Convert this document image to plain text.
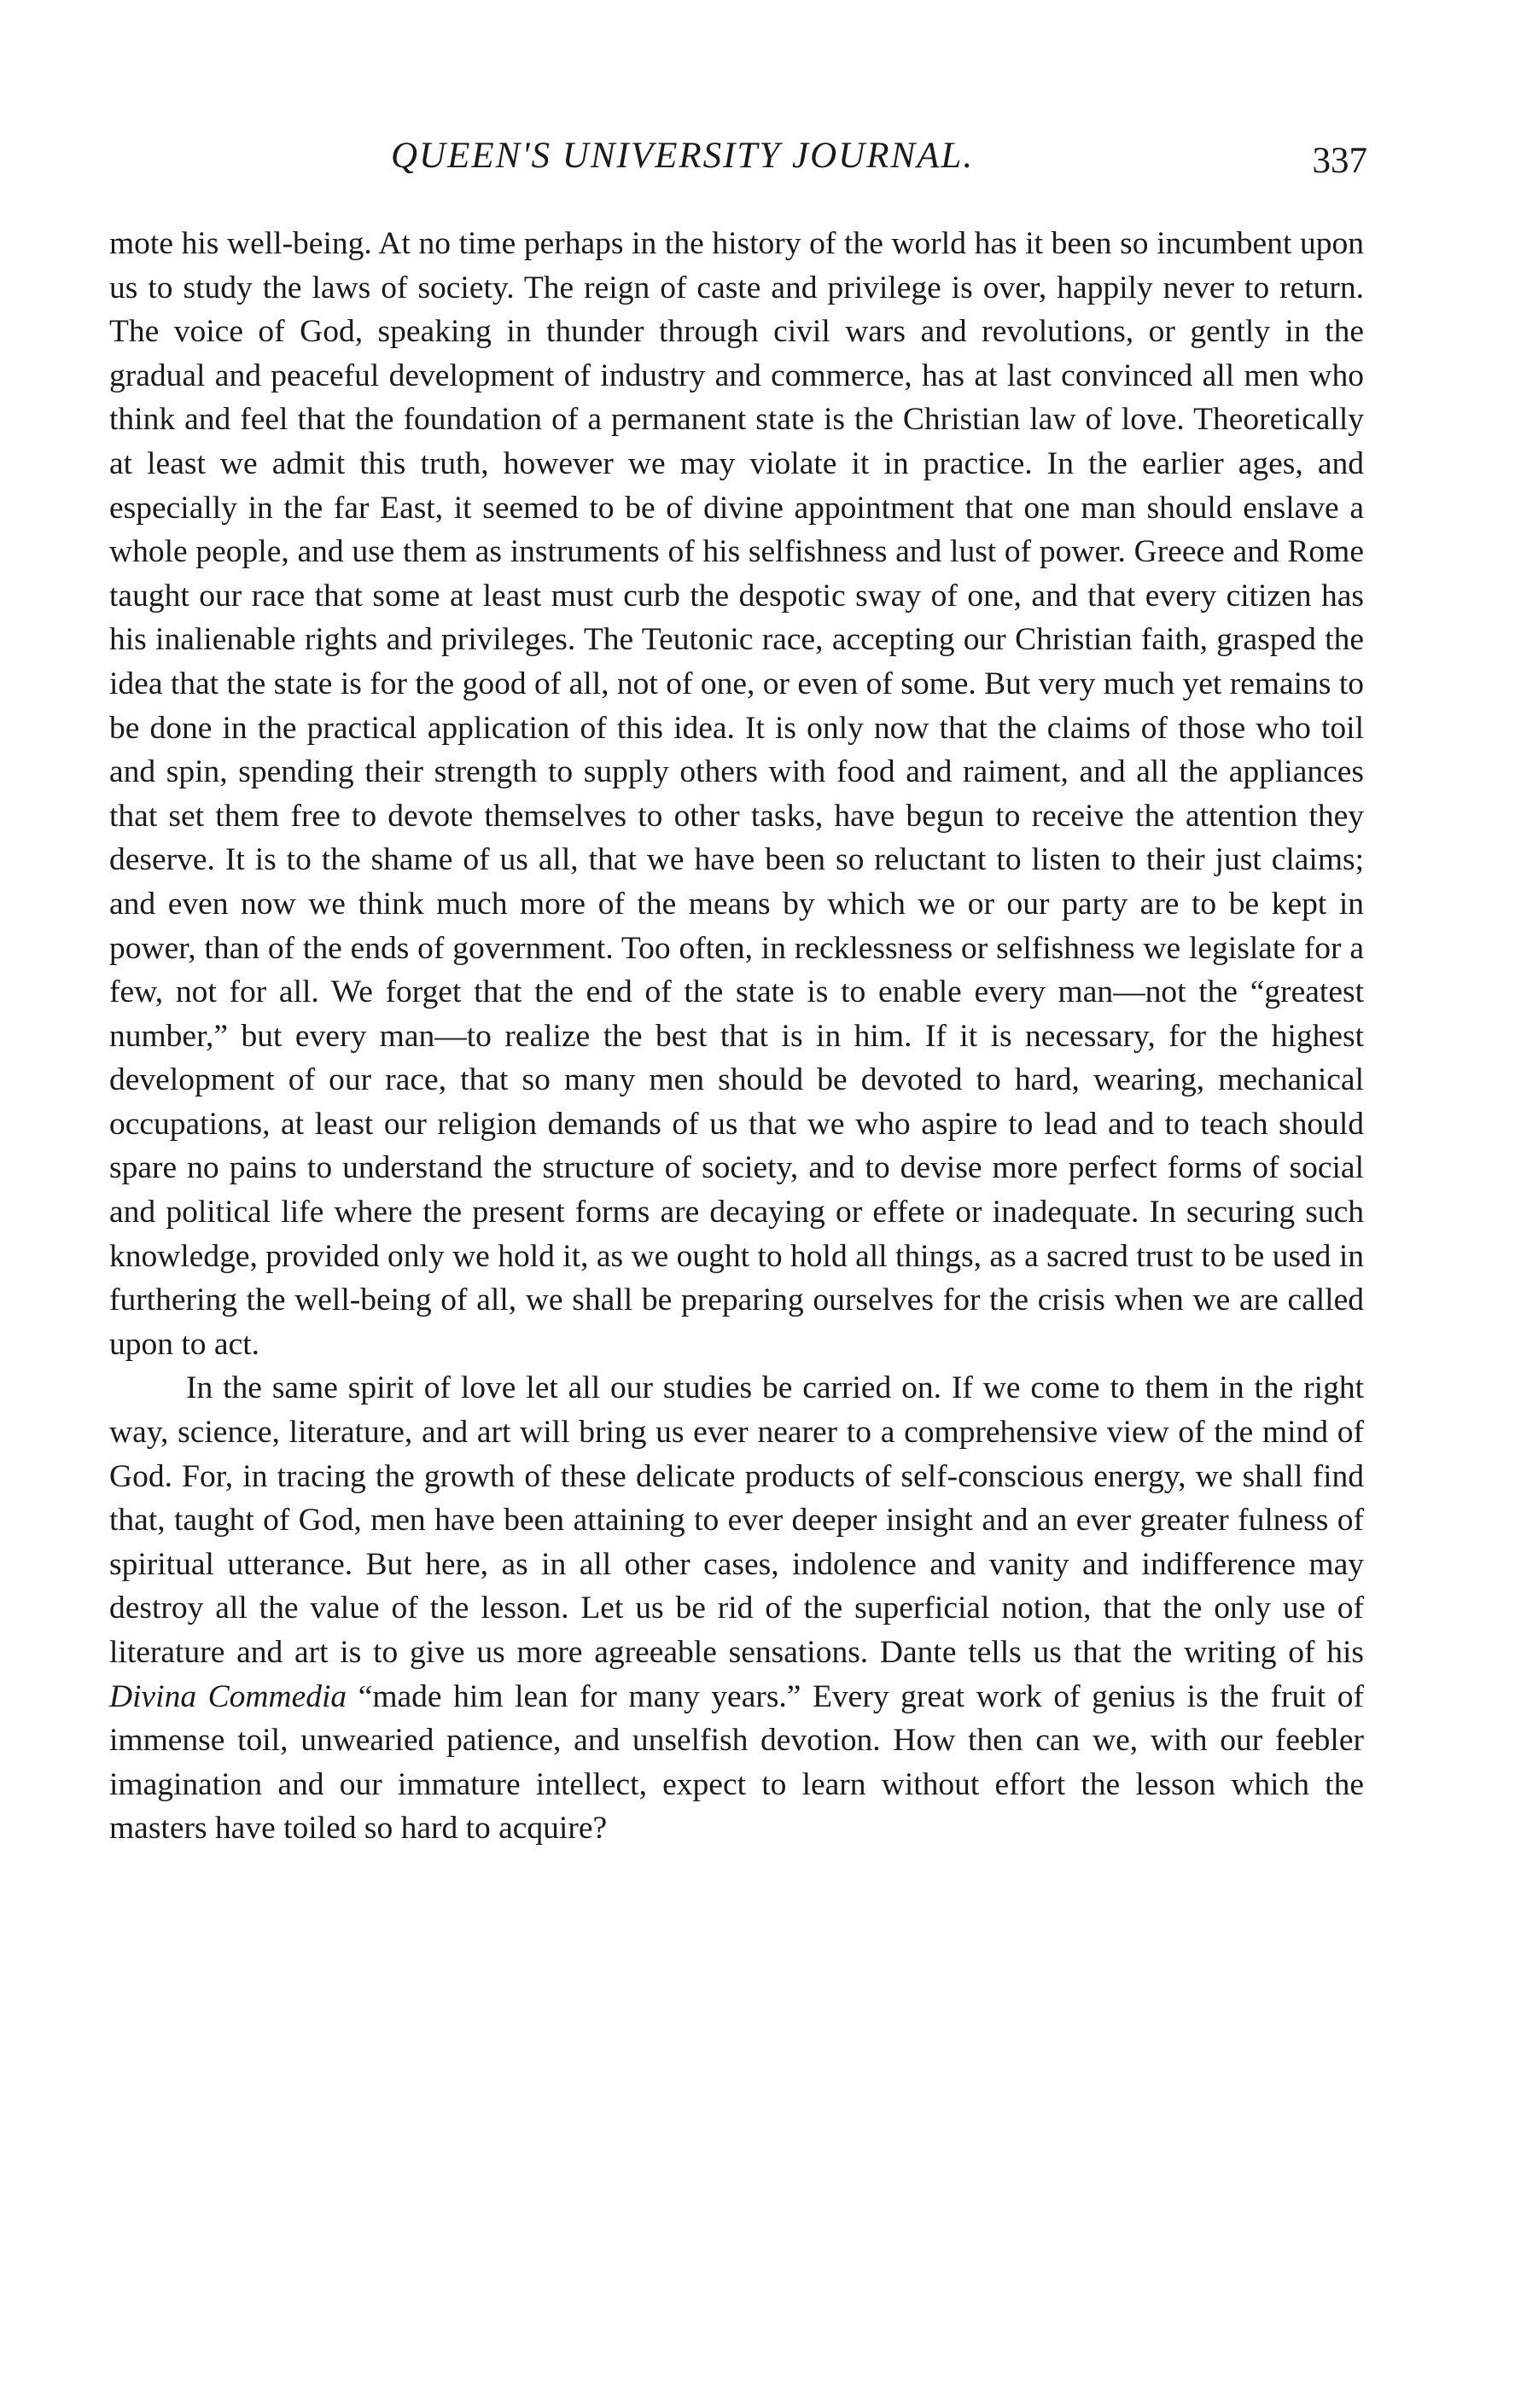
QUEEN'S UNIVERSITY JOURNAL.	337

mote his well-being. At no time perhaps in the history of the world has it been so incumbent upon us to study the laws of society. The reign of caste and privilege is over, happily never to return. The voice of God, speaking in thunder through civil wars and revolutions, or gently in the gradual and peaceful development of industry and commerce, has at last convinced all men who think and feel that the foundation of a permanent state is the Christian law of love. Theoretically at least we admit this truth, however we may violate it in practice. In the earlier ages, and especially in the far East, it seemed to be of divine appointment that one man should enslave a whole people, and use them as instruments of his selfishness and lust of power. Greece and Rome taught our race that some at least must curb the despotic sway of one, and that every citizen has his inalienable rights and privileges. The Teutonic race, accepting our Christian faith, grasped the idea that the state is for the good of all, not of one, or even of some. But very much yet remains to be done in the practical application of this idea. It is only now that the claims of those who toil and spin, spending their strength to supply others with food and raiment, and all the appliances that set them free to devote themselves to other tasks, have begun to receive the attention they deserve. It is to the shame of us all, that we have been so reluctant to listen to their just claims; and even now we think much more of the means by which we or our party are to be kept in power, than of the ends of government. Too often, in recklessness or selfishness we legislate for a few, not for all. We forget that the end of the state is to enable every man—not the “greatest number,” but every man—to realize the best that is in him. If it is necessary, for the highest development of our race, that so many men should be devoted to hard, wearing, mechanical occupations, at least our religion demands of us that we who aspire to lead and to teach should spare no pains to understand the structure of society, and to devise more perfect forms of social and political life where the present forms are decaying or effete or inadequate. In securing such knowledge, provided only we hold it, as we ought to hold all things, as a sacred trust to be used in furthering the well-being of all, we shall be preparing ourselves for the crisis when we are called upon to act.

In the same spirit of love let all our studies be carried on. If we come to them in the right way, science, literature, and art will bring us ever nearer to a comprehensive view of the mind of God. For, in tracing the growth of these delicate products of self-conscious energy, we shall find that, taught of God, men have been attaining to ever deeper insight and an ever greater fulness of spiritual utterance. But here, as in all other cases, indolence and vanity and indifference may destroy all the value of the lesson. Let us be rid of the superficial notion, that the only use of literature and art is to give us more agreeable sensations. Dante tells us that the writing of his Divina Commedia “made him lean for many years.” Every great work of genius is the fruit of immense toil, unwearied patience, and unselfish devotion. How then can we, with our feebler imagination and our immature intellect, expect to learn without effort the lesson which the masters have toiled so hard to acquire?
